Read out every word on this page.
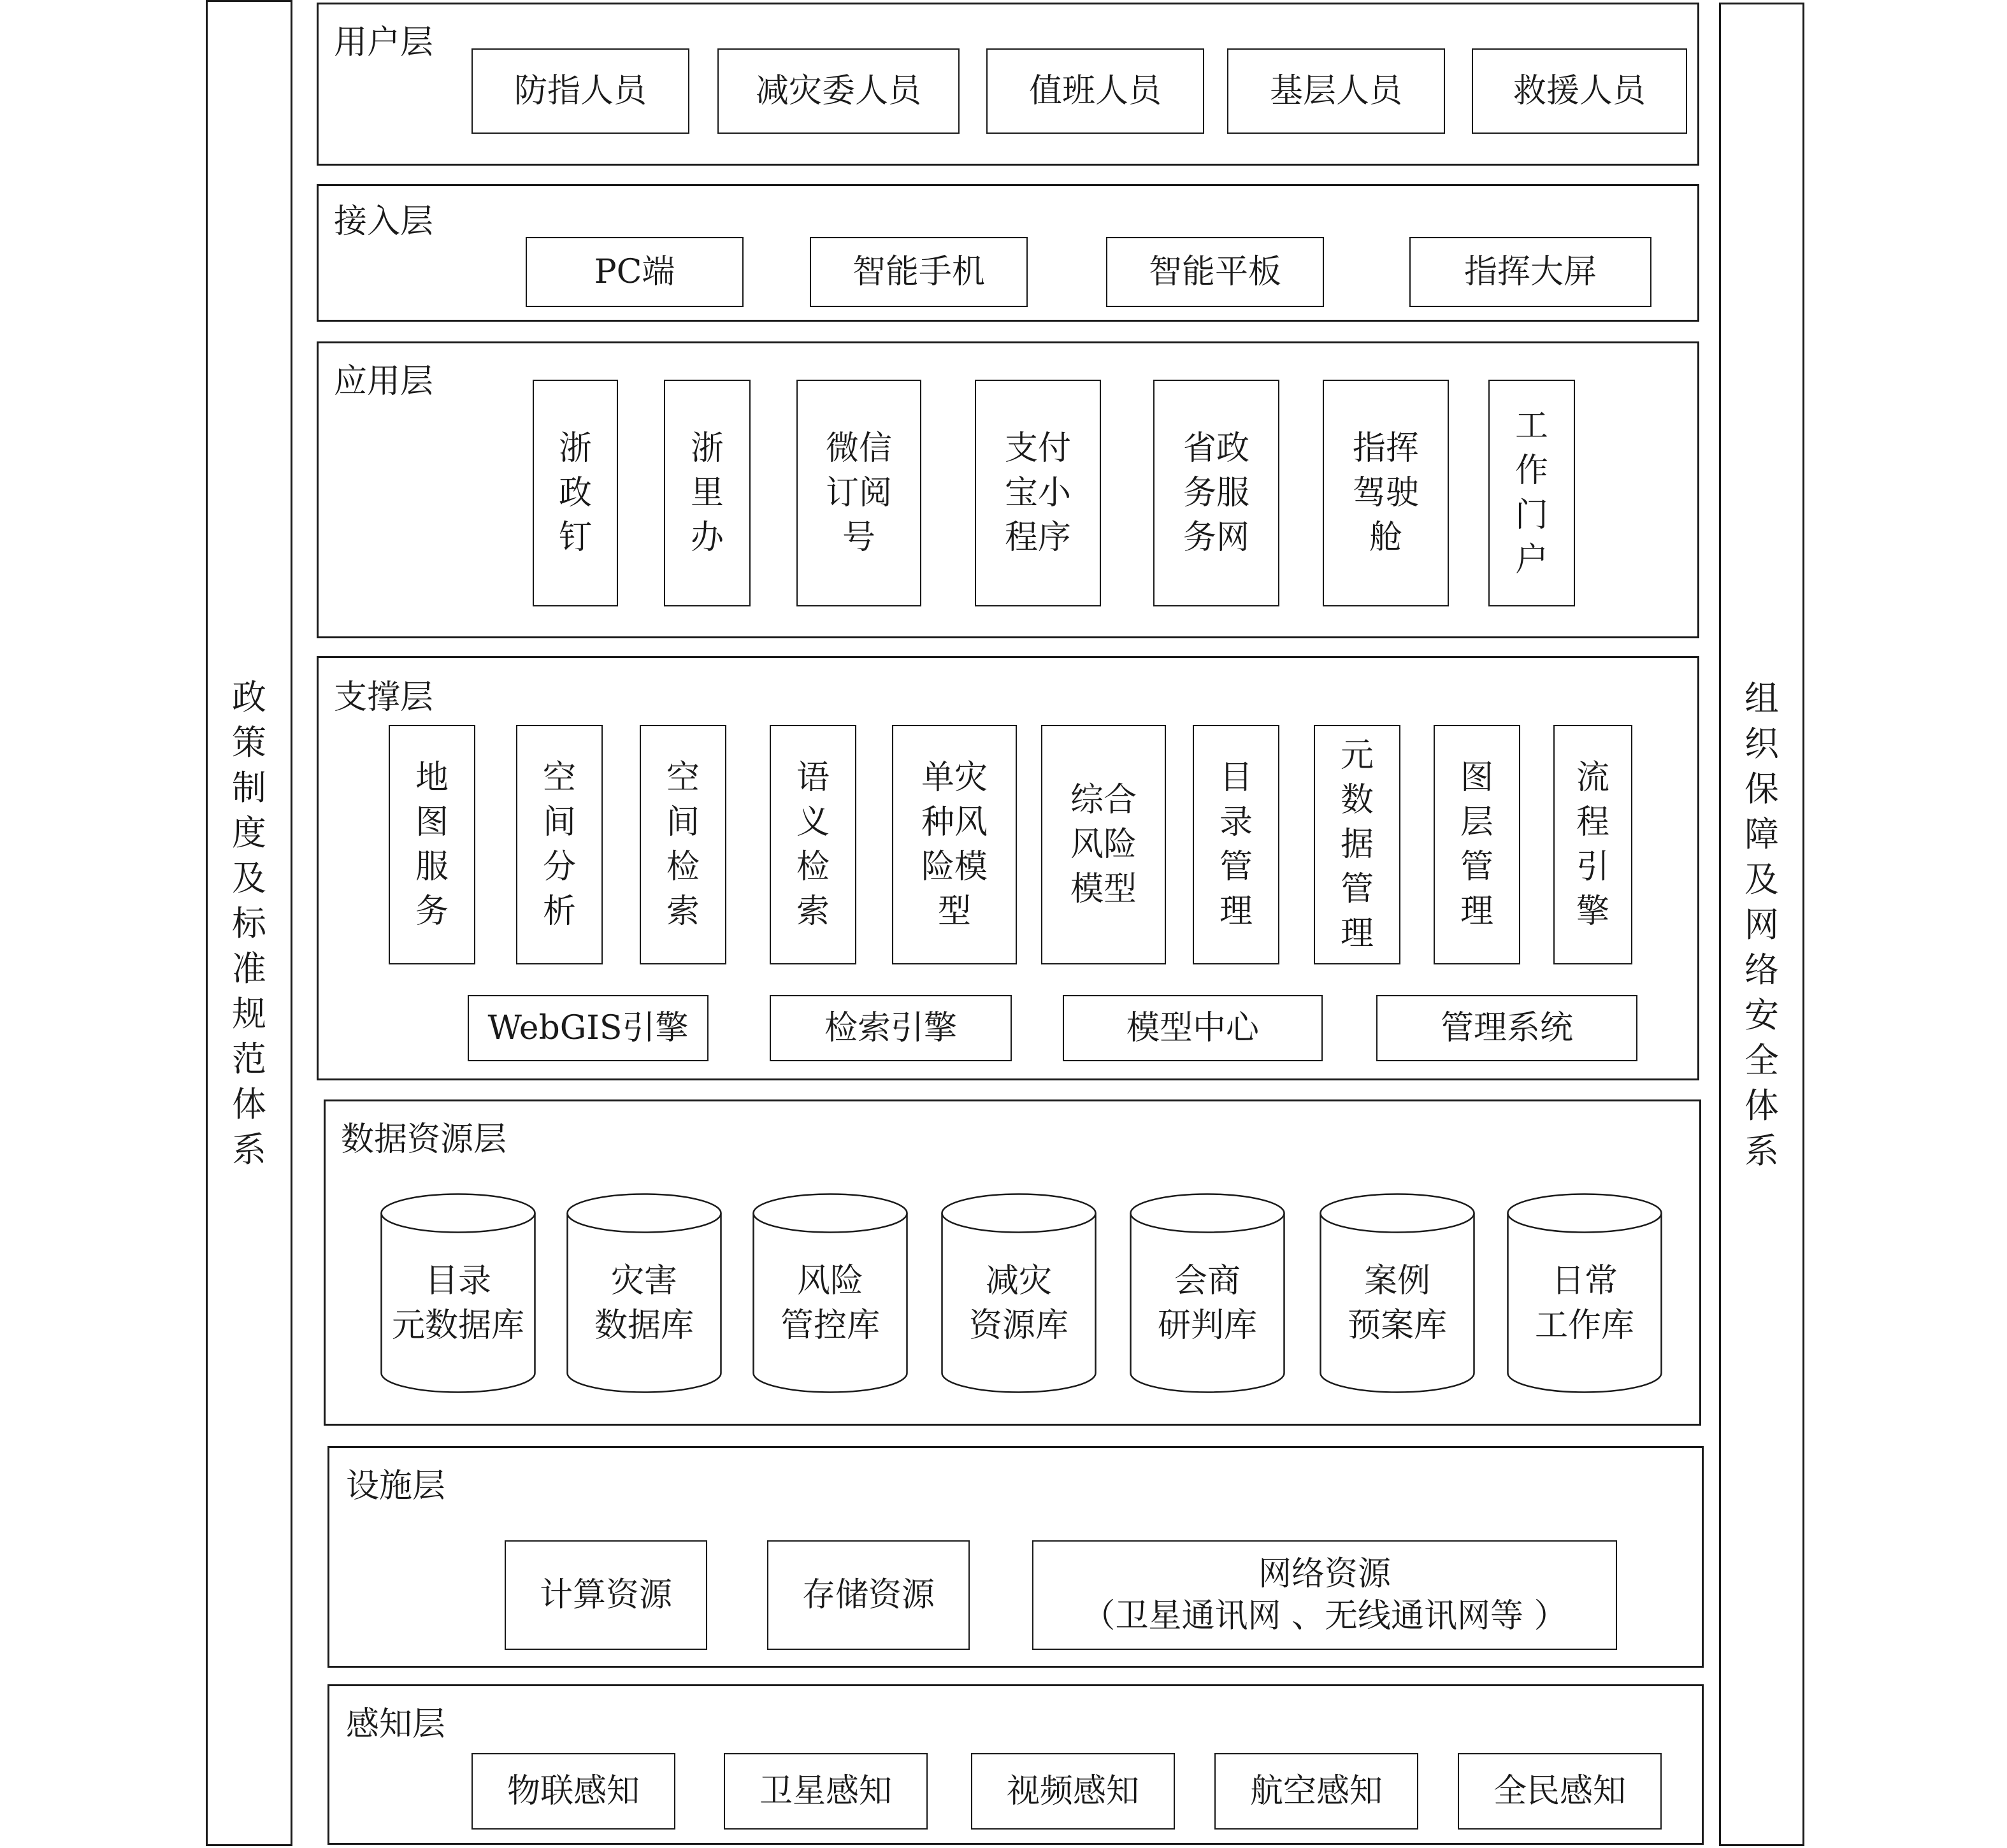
政策制度及标准规范体系
组织保障及网络安全体系
用户层
防指人员	减灾委人员	值班人员	基层人员	救援人员
接入层
PC端	智能手机	智能平板	指挥大屏
应用层
浙政钉
浙里办
微信订阅号
支付宝小程序
省政务服务网
指挥驾驶舱
工作门户
支撑层
地图服务
空间分析
空间检索
语义检索
单灾种风险模型
综合风险模型
目录管理
元数据管理
图层管理
流程引擎
WebGIS引擎	检索引擎	模型中心	管理系统
数据资源层
目录
元数据库
灾害
数据库
风险
管控库
减灾
资源库
会商
研判库
案例
预案库
日常
工作库
设施层
计算资源	存储资源
网络资源
（卫星通讯网 、无线通讯网等 ）
感知层
物联感知	卫星感知	视频感知	航空感知	全民感知
